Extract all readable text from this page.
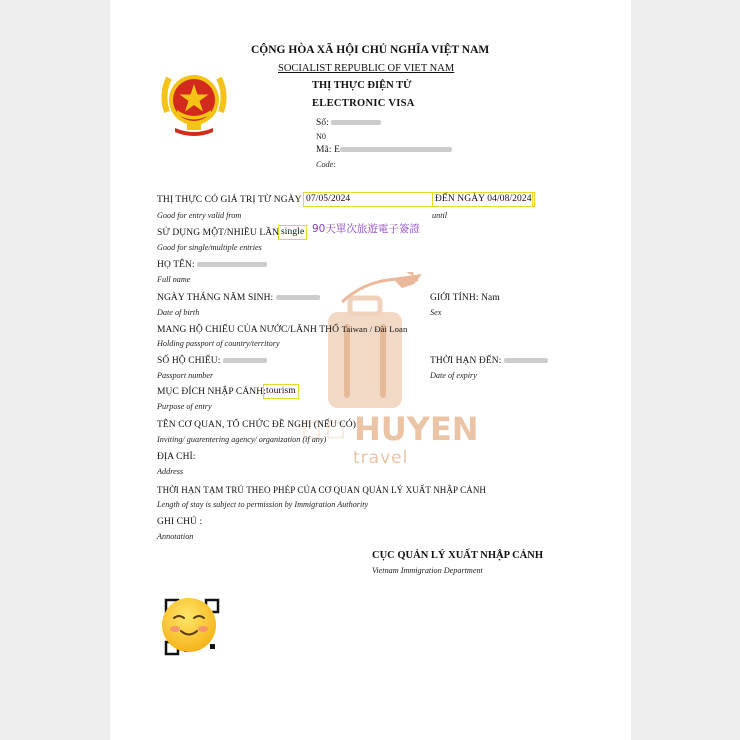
CỘNG HÒA XÃ HỘI CHỦ NGHĨA VIỆT NAM
SOCIALIST REPUBLIC OF VIET NAM
THỊ THỰC ĐIỆN TỬ
ELECTRONIC VISA
Số:
N0
Mã: E
Code:
▫▫ HUYEN
travel
THỊ THỰC CÓ GIÁ TRỊ TỪ NGÀY 07/05/2024	ĐẾN NGÀY 04/08/2024
Good for entry valid from	until
90天單次旅遊電子簽證
SỬ DỤNG MỘT/NHIỀU LẦN single
Good for single/multiple entries
HỌ TÊN:
Full name
NGÀY THÁNG NĂM SINH:
Date of birth
GIỚI TÍNH: Nam
Sex
MANG HỘ CHIẾU CỦA NƯỚC/LÃNH THỔ Taiwan / Đài Loan
Holding passport of country/territory
SỐ HỘ CHIẾU:
Passport number
THỜI HẠN ĐẾN:
Date of expiry
MỤC ĐÍCH NHẬP CẢNH: tourism
Purpose of entry
TÊN CƠ QUAN, TỔ CHỨC ĐỀ NGHỊ (NẾU CÓ)
Inviting/ guarentering agency/ organization (if any)
ĐỊA CHỈ:
Address
THỜI HẠN TẠM TRÚ THEO PHÉP CỦA CƠ QUAN QUẢN LÝ XUẤT NHẬP CẢNH
Length of stay is subject to permission by Immigration Authority
GHI CHÚ :
Annotation
CỤC QUẢN LÝ XUẤT NHẬP CẢNH
Vietnam Immigration Department
